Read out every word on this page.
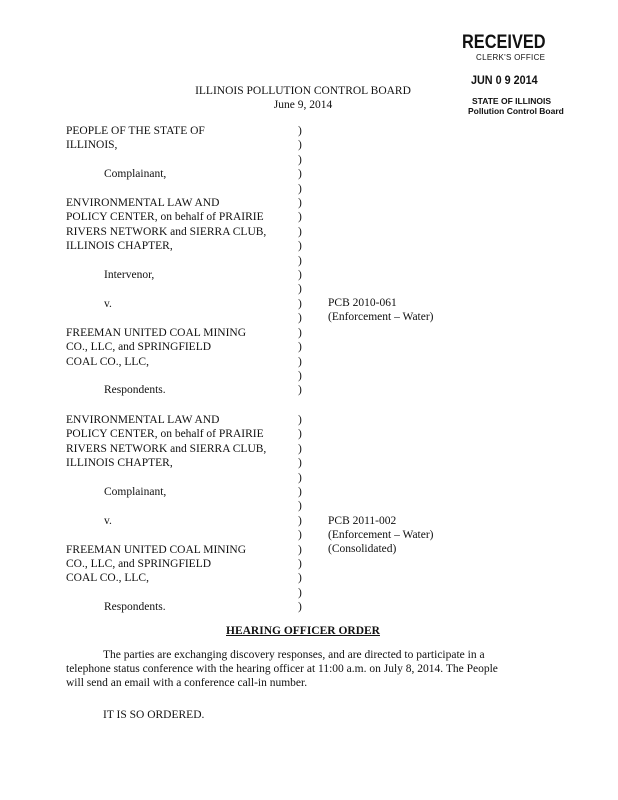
RECEIVED
CLERK'S OFFICE
JUN 0 9 2014
STATE OF ILLINOIS
Pollution Control Board
ILLINOIS POLLUTION CONTROL BOARD
June 9, 2014
PEOPLE OF THE STATE OF
ILLINOIS,

Complainant,

ENVIRONMENTAL LAW AND
POLICY CENTER, on behalf of PRAIRIE
RIVERS NETWORK and SIERRA CLUB,
ILLINOIS CHAPTER,

Intervenor,

v.

FREEMAN UNITED COAL MINING
CO., LLC, and SPRINGFIELD
COAL CO., LLC,

Respondents.
)
)
)
)
)
)
)
)
)
)
)
)
)
)
)
)
)
)
)
PCB 2010-061
(Enforcement – Water)
ENVIRONMENTAL LAW AND
POLICY CENTER, on behalf of PRAIRIE
RIVERS NETWORK and SIERRA CLUB,
ILLINOIS CHAPTER,

Complainant,

v.

FREEMAN UNITED COAL MINING
CO., LLC, and SPRINGFIELD
COAL CO., LLC,

Respondents.
)
)
)
)
)
)
)
)
)
)
)
)
)
)
PCB 2011-002
(Enforcement – Water)
(Consolidated)
HEARING OFFICER ORDER
The parties are exchanging discovery responses, and are directed to participate in a
telephone status conference with the hearing officer at 11:00 a.m. on July 8, 2014. The People
will send an email with a conference call-in number.
IT IS SO ORDERED.
